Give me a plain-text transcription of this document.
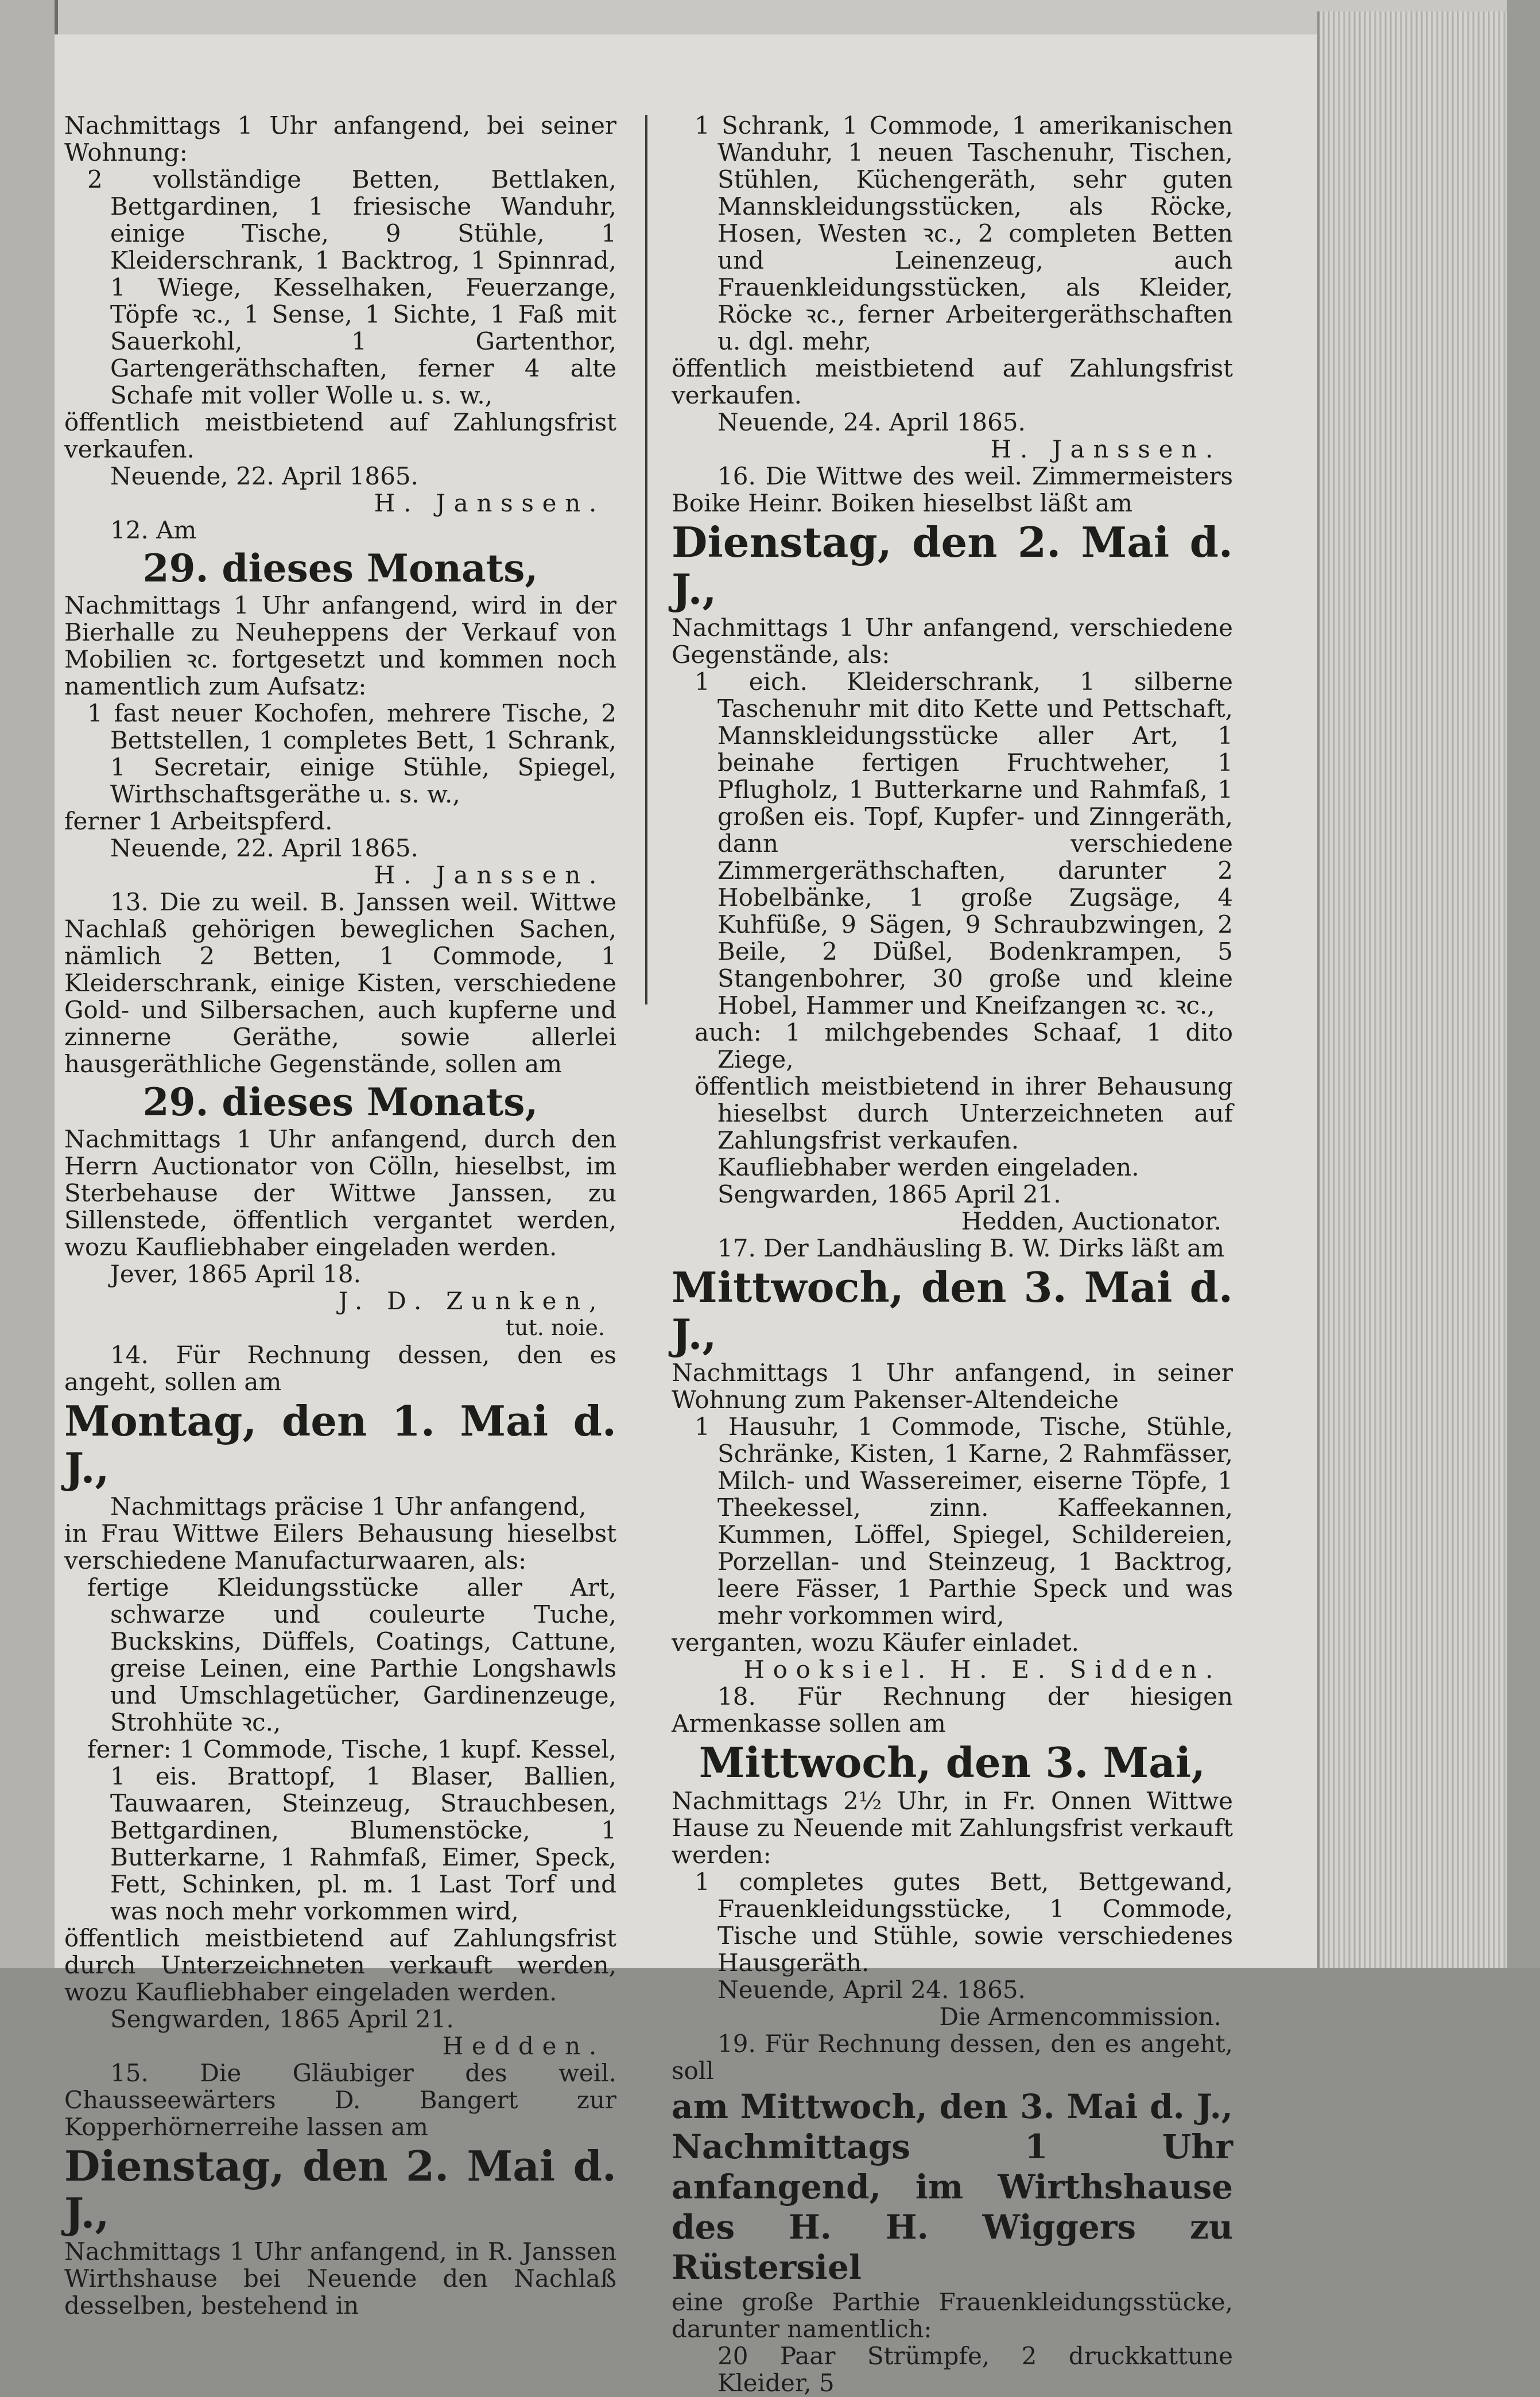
Nachmittags 1 Uhr anfangend, bei seiner Wohnung:

2 vollständige Betten, Bettlaken, Bettgardinen, 1 friesische Wanduhr, einige Tische, 9 Stühle, 1 Kleiderschrank, 1 Backtrog, 1 Spinnrad, 1 Wiege, Kesselhaken, Feuerzange, Töpfe ꝛc., 1 Sense, 1 Sichte, 1 Faß mit Sauerkohl, 1 Gartenthor, Gartengeräthschaften, ferner 4 alte Schafe mit voller Wolle u. s. w.,

öffentlich meistbietend auf Zahlungsfrist verkaufen.

Neuende, 22. April 1865.

H. Janssen.

12. Am

29. dieses Monats,

Nachmittags 1 Uhr anfangend, wird in der Bierhalle zu Neuheppens der Verkauf von Mobilien ꝛc. fortgesetzt und kommen noch namentlich zum Aufsatz:

1 fast neuer Kochofen, mehrere Tische, 2 Bettstellen, 1 completes Bett, 1 Schrank, 1 Secretair, einige Stühle, Spiegel, Wirthschaftsgeräthe u. s. w.,

ferner 1 Arbeitspferd.

Neuende, 22. April 1865.

H. Janssen.

13. Die zu weil. B. Janssen weil. Wittwe Nachlaß gehörigen beweglichen Sachen, nämlich 2 Betten, 1 Commode, 1 Kleiderschrank, einige Kisten, verschiedene Gold- und Silbersachen, auch kupferne und zinnerne Geräthe, sowie allerlei hausgeräthliche Gegenstände, sollen am

29. dieses Monats,

Nachmittags 1 Uhr anfangend, durch den Herrn Auctionator von Cölln, hieselbst, im Sterbehause der Wittwe Janssen, zu Sillenstede, öffentlich vergantet werden, wozu Kaufliebhaber eingeladen werden.

Jever, 1865 April 18.

J. D. Zunken,

tut. noie.

14. Für Rechnung dessen, den es angeht, sollen am

Montag, den 1. Mai d. J.,

Nachmittags präcise 1 Uhr anfangend,

in Frau Wittwe Eilers Behausung hieselbst verschiedene Manufacturwaaren, als:

fertige Kleidungsstücke aller Art, schwarze und couleurte Tuche, Buckskins, Düffels, Coatings, Cattune, greise Leinen, eine Parthie Longshawls und Umschlagetücher, Gardinenzeuge, Strohhüte ꝛc.,

ferner: 1 Commode, Tische, 1 kupf. Kessel, 1 eis. Brattopf, 1 Blaser, Ballien, Tauwaaren, Steinzeug, Strauchbesen, Bettgardinen, Blumenstöcke, 1 Butterkarne, 1 Rahmfaß, Eimer, Speck, Fett, Schinken, pl. m. 1 Last Torf und was noch mehr vorkommen wird,

öffentlich meistbietend auf Zahlungsfrist durch Unterzeichneten verkauft werden, wozu Kaufliebhaber eingeladen werden.

Sengwarden, 1865 April 21.

Hedden.

15. Die Gläubiger des weil. Chausseewärters D. Bangert zur Kopperhörnerreihe lassen am

Dienstag, den 2. Mai d. J.,

Nachmittags 1 Uhr anfangend, in R. Janssen Wirthshause bei Neuende den Nachlaß desselben, bestehend in

1 Schrank, 1 Commode, 1 amerikanischen Wanduhr, 1 neuen Taschenuhr, Tischen, Stühlen, Küchengeräth, sehr guten Mannskleidungsstücken, als Röcke, Hosen, Westen ꝛc., 2 completen Betten und Leinenzeug, auch Frauenkleidungsstücken, als Kleider, Röcke ꝛc., ferner Arbeitergeräthschaften u. dgl. mehr,

öffentlich meistbietend auf Zahlungsfrist verkaufen.

Neuende, 24. April 1865.

H. Janssen.

16. Die Wittwe des weil. Zimmermeisters Boike Heinr. Boiken hieselbst läßt am

Dienstag, den 2. Mai d. J.,

Nachmittags 1 Uhr anfangend, verschiedene Gegenstände, als:

1 eich. Kleiderschrank, 1 silberne Taschenuhr mit dito Kette und Pettschaft, Mannskleidungsstücke aller Art, 1 beinahe fertigen Fruchtweher, 1 Pflugholz, 1 Butterkarne und Rahmfaß, 1 großen eis. Topf, Kupfer- und Zinngeräth, dann verschiedene Zimmergeräthschaften, darunter 2 Hobelbänke, 1 große Zugsäge, 4 Kuhfüße, 9 Sägen, 9 Schraubzwingen, 2 Beile, 2 Düßel, Bodenkrampen, 5 Stangenbohrer, 30 große und kleine Hobel, Hammer und Kneifzangen ꝛc. ꝛc.,

auch: 1 milchgebendes Schaaf, 1 dito Ziege,

öffentlich meistbietend in ihrer Behausung hieselbst durch Unterzeichneten auf Zahlungsfrist verkaufen.

Kaufliebhaber werden eingeladen.

Sengwarden, 1865 April 21.

Hedden, Auctionator.

17. Der Landhäusling B. W. Dirks läßt am

Mittwoch, den 3. Mai d. J.,

Nachmittags 1 Uhr anfangend, in seiner Wohnung zum Pakenser-Altendeiche

1 Hausuhr, 1 Commode, Tische, Stühle, Schränke, Kisten, 1 Karne, 2 Rahmfässer, Milch- und Wassereimer, eiserne Töpfe, 1 Theekessel, zinn. Kaffeekannen, Kummen, Löffel, Spiegel, Schildereien, Porzellan- und Steinzeug, 1 Backtrog, leere Fässer, 1 Parthie Speck und was mehr vorkommen wird,

verganten, wozu Käufer einladet.

Hooksiel. H. E. Sidden.

18. Für Rechnung der hiesigen Armenkasse sollen am

Mittwoch, den 3. Mai,

Nachmittags 2½ Uhr, in Fr. Onnen Wittwe Hause zu Neuende mit Zahlungsfrist verkauft werden:

1 completes gutes Bett, Bettgewand, Frauenkleidungsstücke, 1 Commode, Tische und Stühle, sowie verschiedenes Hausgeräth.

Neuende, April 24. 1865.

Die Armencommission.

19. Für Rechnung dessen, den es angeht, soll

am Mittwoch, den 3. Mai d. J., Nachmittags 1 Uhr anfangend, im Wirthshause des H. H. Wiggers zu Rüstersiel

eine große Parthie Frauenkleidungsstücke, darunter namentlich:

20 Paar Strümpfe, 2 druckkattune Kleider, 5
